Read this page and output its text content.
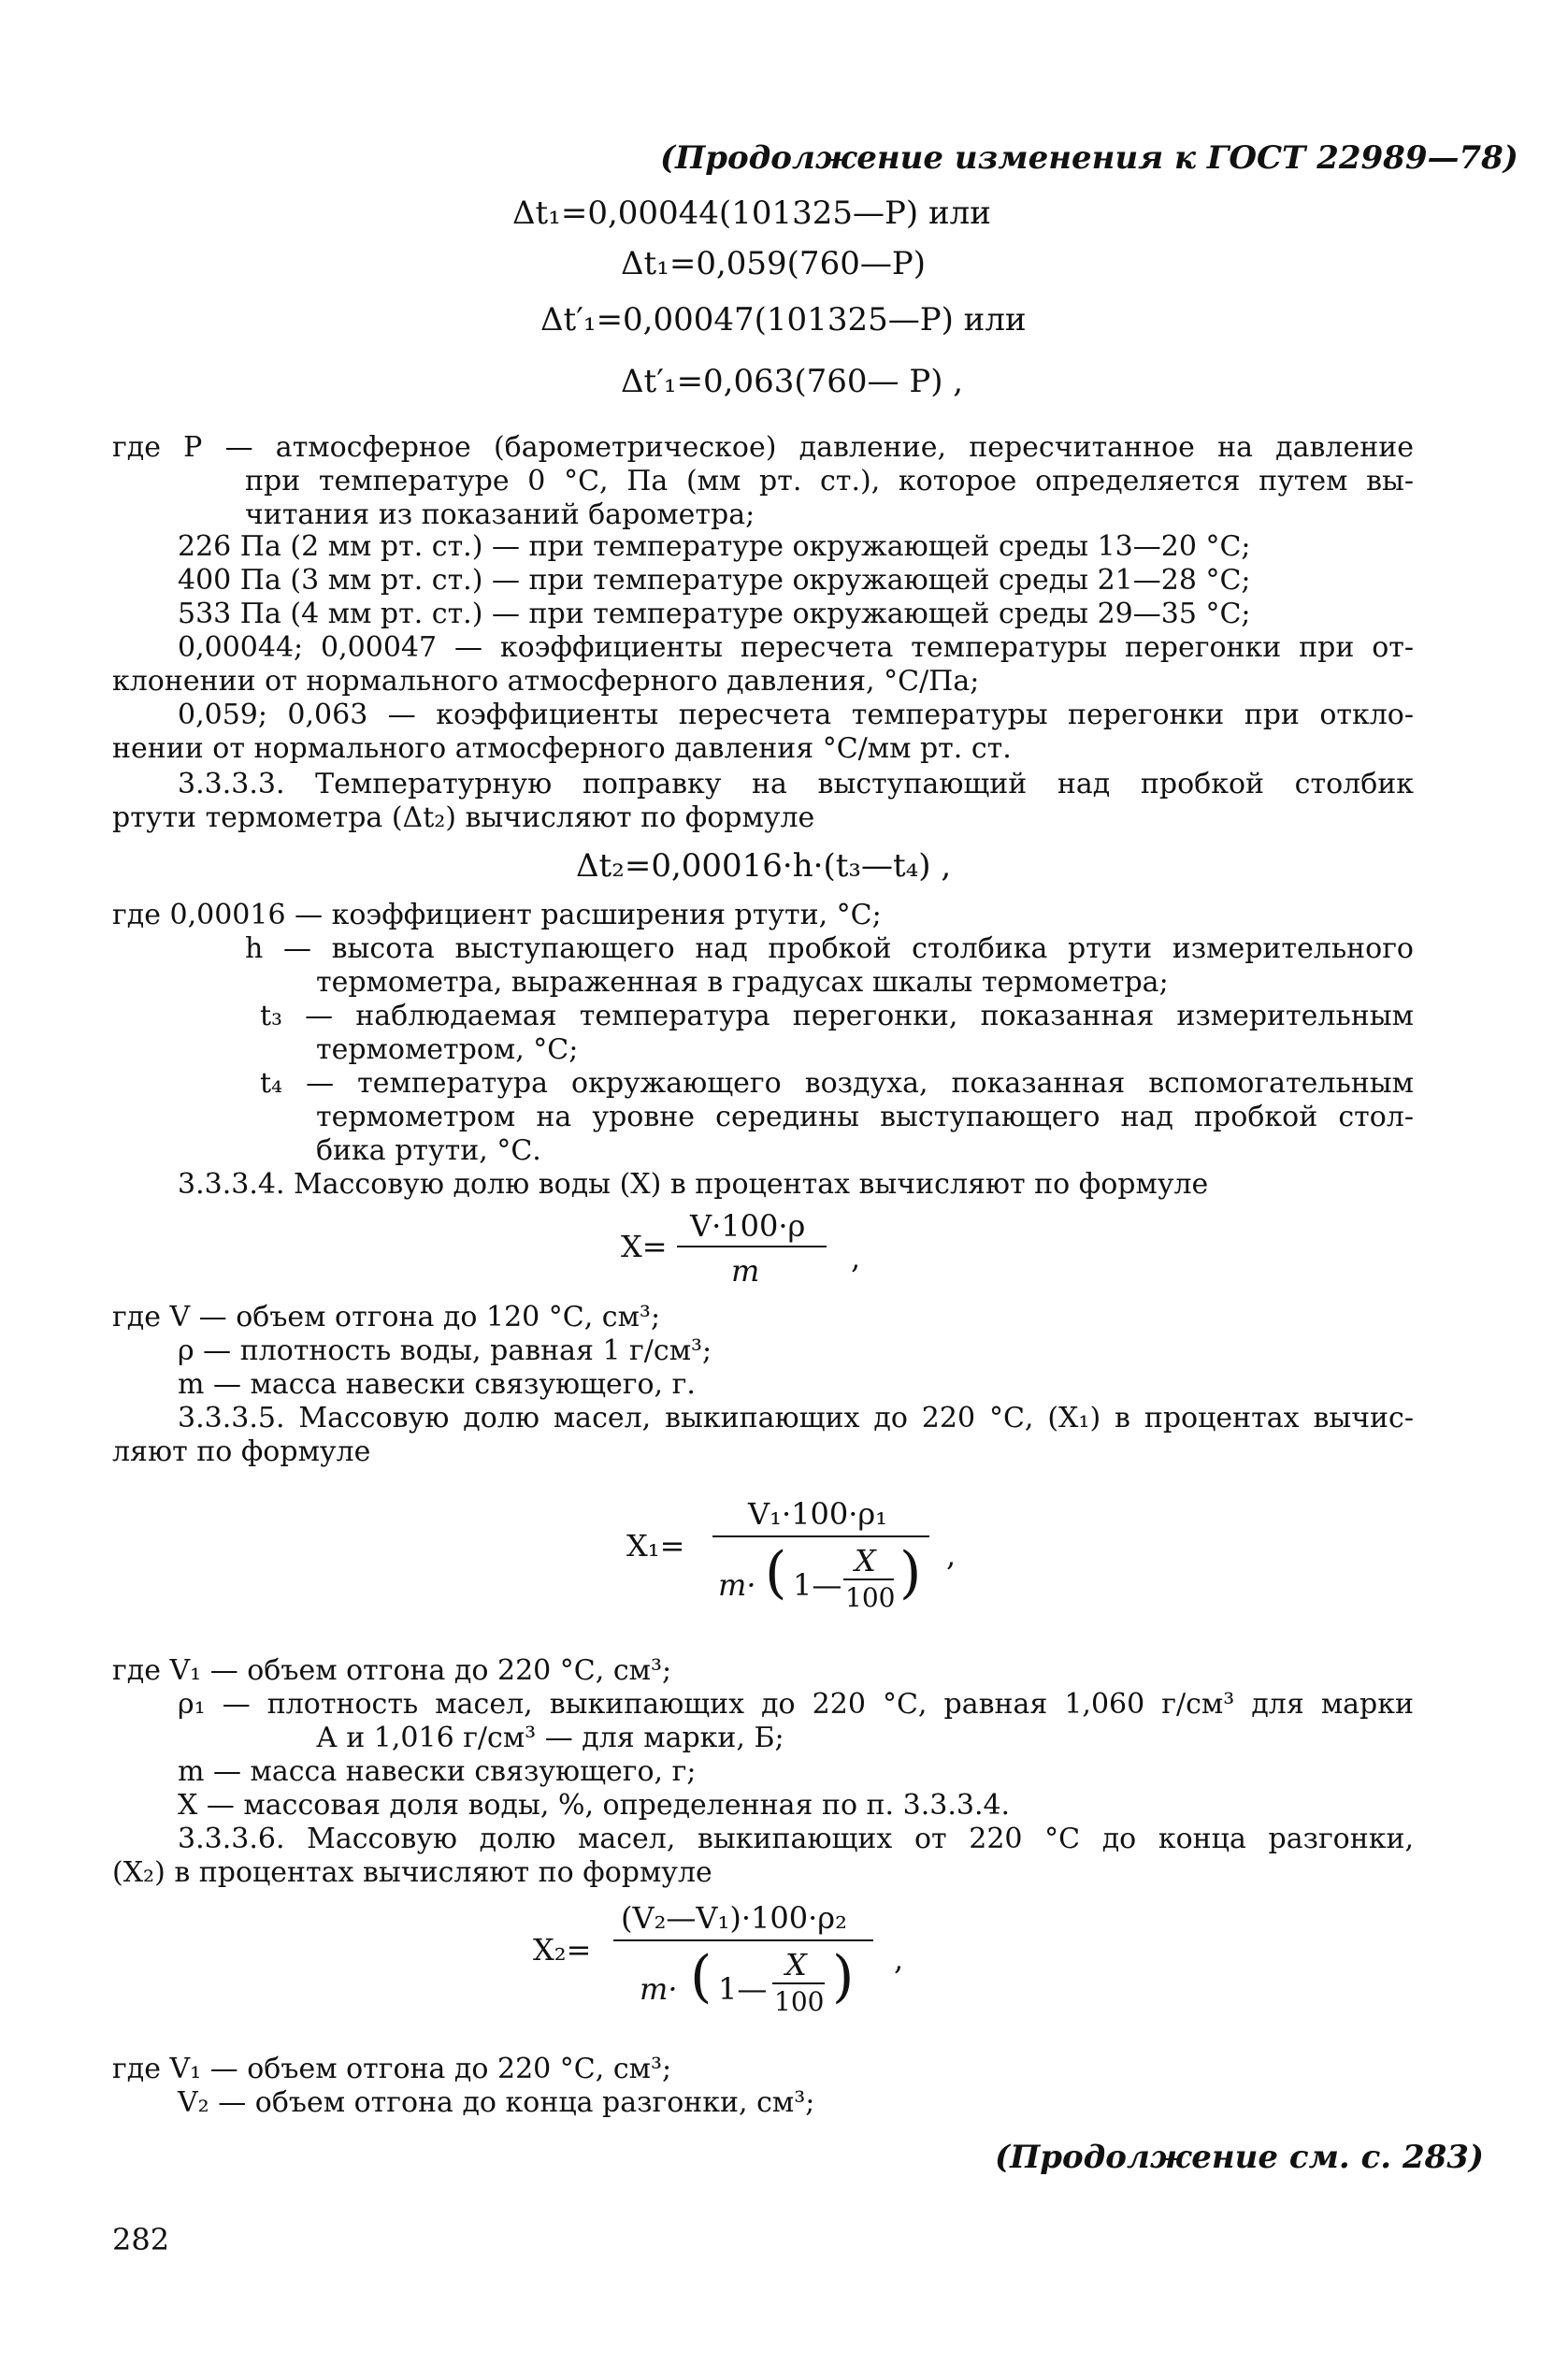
(Продолжение изменения к ГОСТ 22989—78)
Δt₁=0,00044(101325—P) или
Δt₁=0,059(760—P)
Δt′₁=0,00047(101325—P) или
Δt′₁=0,063(760— P) ,
где P — атмосферное (барометрическое) давление, пересчитанное на давление
при температуре 0 °С, Па (мм рт. ст.), которое определяется путем вы-
читания из показаний барометра;
226 Па (2 мм рт. ст.) — при температуре окружающей среды 13—20 °С;
400 Па (3 мм рт. ст.) — при температуре окружающей среды 21—28 °С;
533 Па (4 мм рт. ст.) — при температуре окружающей среды 29—35 °С;
0,00044; 0,00047 — коэффициенты пересчета температуры перегонки при от-
клонении от нормального атмосферного давления, °С/Па;
0,059; 0,063 — коэффициенты пересчета температуры перегонки при откло-
нении от нормального атмосферного давления °С/мм рт. ст.
3.3.3.3. Температурную поправку на выступающий над пробкой столбик
ртути термометра (Δt₂) вычисляют по формуле
Δt₂=0,00016·h·(t₃—t₄) ,
где 0,00016 — коэффициент расширения ртути, °С;
h — высота выступающего над пробкой столбика ртути измерительного
термометра, выраженная в градусах шкалы термометра;
t₃ — наблюдаемая температура перегонки, показанная измерительным
термометром, °С;
t₄ — температура окружающего воздуха, показанная вспомогательным
термометром на уровне середины выступающего над пробкой стол-
бика ртути, °С.
3.3.3.4. Массовую долю воды (X) в процентах вычисляют по формуле
X=
V·100·ρ
m	,
где V — объем отгона до 120 °С, см³;
ρ — плотность воды, равная 1 г/см³;
m — масса навески связующего, г.
3.3.3.5. Массовую долю масел, выкипающих до 220 °С, (X₁) в процентах вычис-
ляют по формуле
X₁=
V₁·100·ρ₁
m· ( 1—
X
100 ) ,
где V₁ — объем отгона до 220 °С, см³;
ρ₁ — плотность масел, выкипающих до 220 °С, равная 1,060 г/см³ для марки
А и 1,016 г/см³ — для марки, Б;
m — масса навески связующего, г;
X — массовая доля воды, %, определенная по п. 3.3.3.4.
3.3.3.6. Массовую долю масел, выкипающих от 220 °С до конца разгонки,
(X₂) в процентах вычисляют по формуле
X₂=
(V₂—V₁)·100·ρ₂
m· ( 1—
X
100 ) ,
где V₁ — объем отгона до 220 °С, см³;
V₂ — объем отгона до конца разгонки, см³;
(Продолжение см. с. 283)
282
